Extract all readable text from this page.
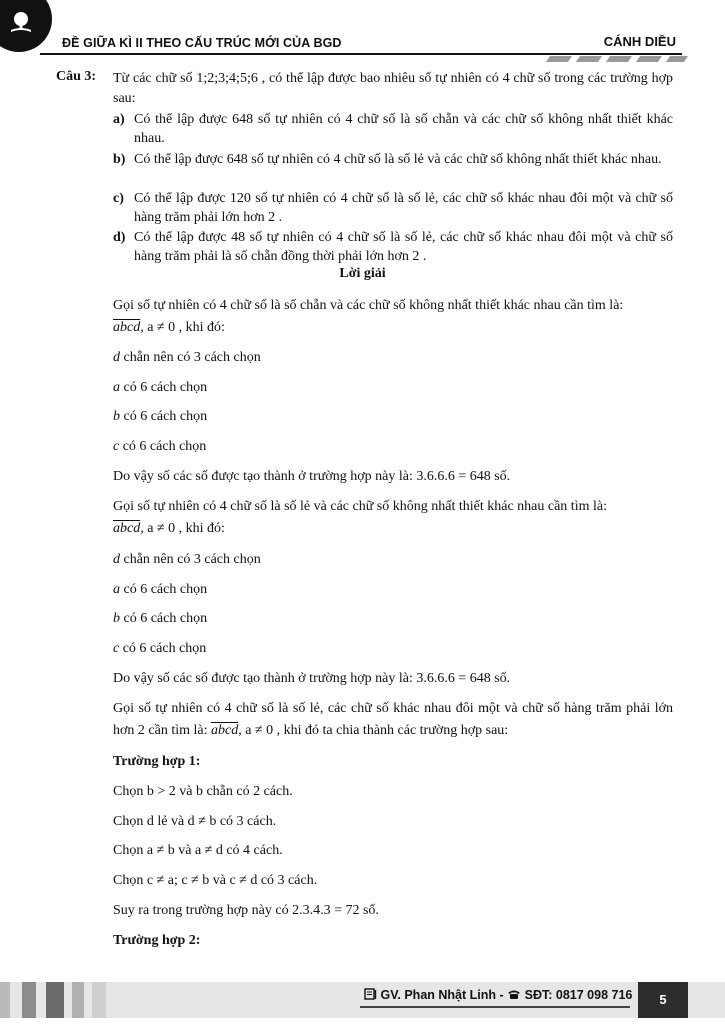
ĐỀ GIỮA KÌ II THEO CẤU TRÚC MỚI CỦA BGD	CÁNH DIỀU
Câu 3: Từ các chữ số 1;2;3;4;5;6 , có thể lập được bao nhiêu số tự nhiên có 4 chữ số trong các trường hợp sau:
a) Có thể lập được 648 số tự nhiên có 4 chữ số là số chẵn và các chữ số không nhất thiết khác nhau.
b) Có thể lập được 648 số tự nhiên có 4 chữ số là số lẻ và các chữ số không nhất thiết khác nhau.
c) Có thể lập được 120 số tự nhiên có 4 chữ số là số lẻ, các chữ số khác nhau đôi một và chữ số hàng trăm phải lớn hơn 2 .
d) Có thể lập được 48 số tự nhiên có 4 chữ số là số lẻ, các chữ số khác nhau đôi một và chữ số hàng trăm phải là số chẵn đồng thời phải lớn hơn 2 .
Lời giải
Gọi số tự nhiên có 4 chữ số là số chẵn và các chữ số không nhất thiết khác nhau cần tìm là:
abcd, a ≠ 0 , khi đó:
d chẵn nên có 3 cách chọn
a có 6 cách chọn
b có 6 cách chọn
c có 6 cách chọn
Do vậy số các số được tạo thành ở trường hợp này là: 3.6.6.6 = 648 số.
Gọi số tự nhiên có 4 chữ số là số lẻ và các chữ số không nhất thiết khác nhau cần tìm là:
abcd, a ≠ 0 , khi đó:
d chẵn nên có 3 cách chọn
a có 6 cách chọn
b có 6 cách chọn
c có 6 cách chọn
Do vậy số các số được tạo thành ở trường hợp này là: 3.6.6.6 = 648 số.
Gọi số tự nhiên có 4 chữ số là số lẻ, các chữ số khác nhau đôi một và chữ số hàng trăm phải lớn hơn 2 cần tìm là: abcd, a ≠ 0 , khi đó ta chia thành các trường hợp sau:
Trường hợp 1:
Chọn b > 2 và b chẵn có 2 cách.
Chọn d lẻ và d ≠ b có 3 cách.
Chọn a ≠ b và a ≠ d có 4 cách.
Chọn c ≠ a; c ≠ b và c ≠ d có 3 cách.
Suy ra trong trường hợp này có 2.3.4.3 = 72 số.
Trường hợp 2:
GV. Phan Nhật Linh - SĐT: 0817 098 716	5
